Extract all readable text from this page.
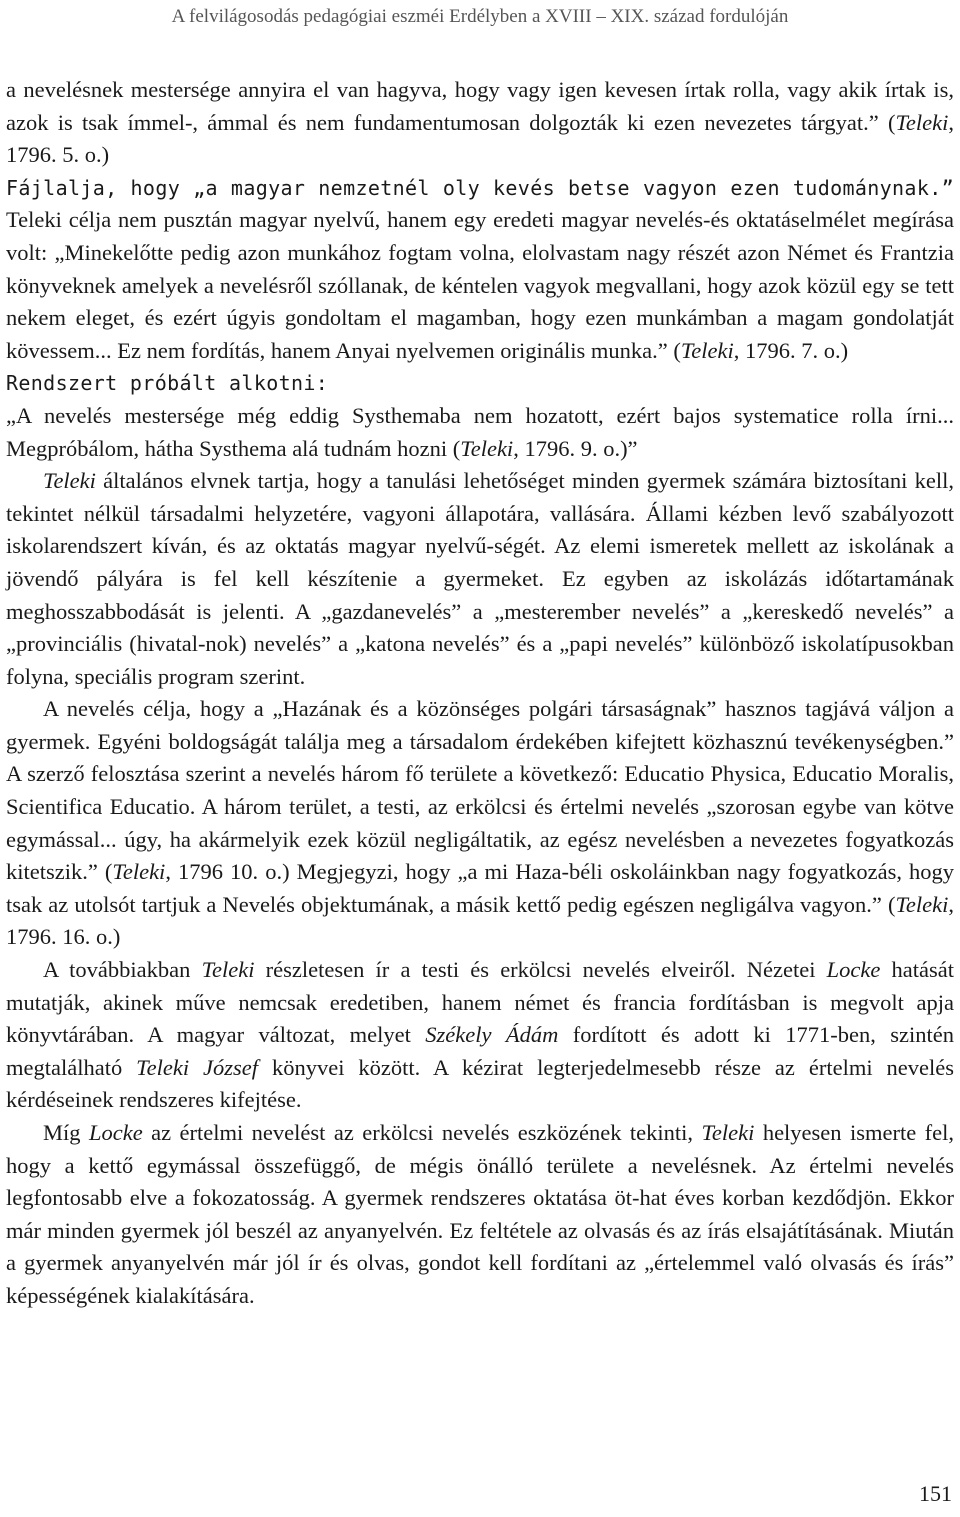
A felvilágosodás pedagógiai eszméi Erdélyben a XVIII – XIX. század fordulóján

a nevelésnek mestersége annyira el van hagyva, hogy vagy igen kevesen írtak rolla, vagy akik írtak is, azok is tsak ímmel-, ámmal és nem fundamentumosan dolgozták ki ezen nevezetes tárgyat.” (Teleki, 1796. 5. o.)
Fájlalja, hogy „a magyar nemzetnél oly kevés betse vagyon ezen tudománynak.” Teleki célja nem pusztán magyar nyelvű, hanem egy eredeti magyar nevelés-és oktatáselmélet megírása volt: „Minekelőtte pedig azon munkához fogtam volna, elolvastam nagy részét azon Német és Frantzia könyveknek amelyek a nevelésről szóllanak, de kéntelen vagyok megvallani, hogy azok közül egy se tett nekem eleget, és ezért úgyis gondoltam el magamban, hogy ezen munkámban a magam gondolatját kövessem... Ez nem fordítás, hanem Anyai nyelvemen originális munka.” (Teleki, 1796. 7. o.)
Rendszert próbált alkotni:
„A nevelés mestersége még eddig Systhemaba nem hozatott, ezért bajos systematice rolla írni... Megpróbálom, hátha Systhema alá tudnám hozni (Teleki, 1796. 9. o.)”

Teleki általános elvnek tartja, hogy a tanulási lehetőséget minden gyermek számára biztosítani kell, tekintet nélkül társadalmi helyzetére, vagyoni állapotára, vallására. Állami kézben levő szabályozott iskolarendszert kíván, és az oktatás magyar nyelvű-ségét. Az elemi ismeretek mellett az iskolának a jövendő pályára is fel kell készítenie a gyermeket. Ez egyben az iskolázás időtartamának meghosszabbodását is jelenti. A „gazdanevelés” a „mesterember nevelés” a „kereskedő nevelés” a „provinciális (hivatal-nok) nevelés” a „katona nevelés” és a „papi nevelés” különböző iskolatípusokban folyna, speciális program szerint.

A nevelés célja, hogy a „Hazának és a közönséges polgári társaságnak” hasznos tagjává váljon a gyermek. Egyéni boldogságát találja meg a társadalom érdekében kifejtett közhasznú tevékenységben.” A szerző felosztása szerint a nevelés három fő területe a következő: Educatio Physica, Educatio Moralis, Scientifica Educatio. A három terület, a testi, az erkölcsi és értelmi nevelés „szorosan egybe van kötve egymással... úgy, ha akármelyik ezek közül negligáltatik, az egész nevelésben a nevezetes fogyatkozás kitetszik.” (Teleki, 1796 10. o.) Megjegyzi, hogy „a mi Haza-béli oskoláinkban nagy fogyatkozás, hogy tsak az utolsót tartjuk a Nevelés objektumának, a másik kettő pedig egészen negligálva vagyon.” (Teleki, 1796. 16. o.)

A továbbiakban Teleki részletesen ír a testi és erkölcsi nevelés elveiről. Nézetei Locke hatását mutatják, akinek műve nemcsak eredetiben, hanem német és francia fordításban is megvolt apja könyvtárában. A magyar változat, melyet Székely Ádám fordított és adott ki 1771-ben, szintén megtalálható Teleki József könyvei között. A kézirat legterjedelmesebb része az értelmi nevelés kérdéseinek rendszeres kifejtése.

Míg Locke az értelmi nevelést az erkölcsi nevelés eszközének tekinti, Teleki helyesen ismerte fel, hogy a kettő egymással összefüggő, de mégis önálló területe a nevelésnek. Az értelmi nevelés legfontosabb elve a fokozatosság. A gyermek rendszeres oktatása öt-hat éves korban kezdődjön. Ekkor már minden gyermek jól beszél az anyanyelvén. Ez feltétele az olvasás és az írás elsajátításának. Miután a gyermek anyanyelvén már jól ír és olvas, gondot kell fordítani az „értelemmel való olvasás és írás” képességének kialakítására.

151
